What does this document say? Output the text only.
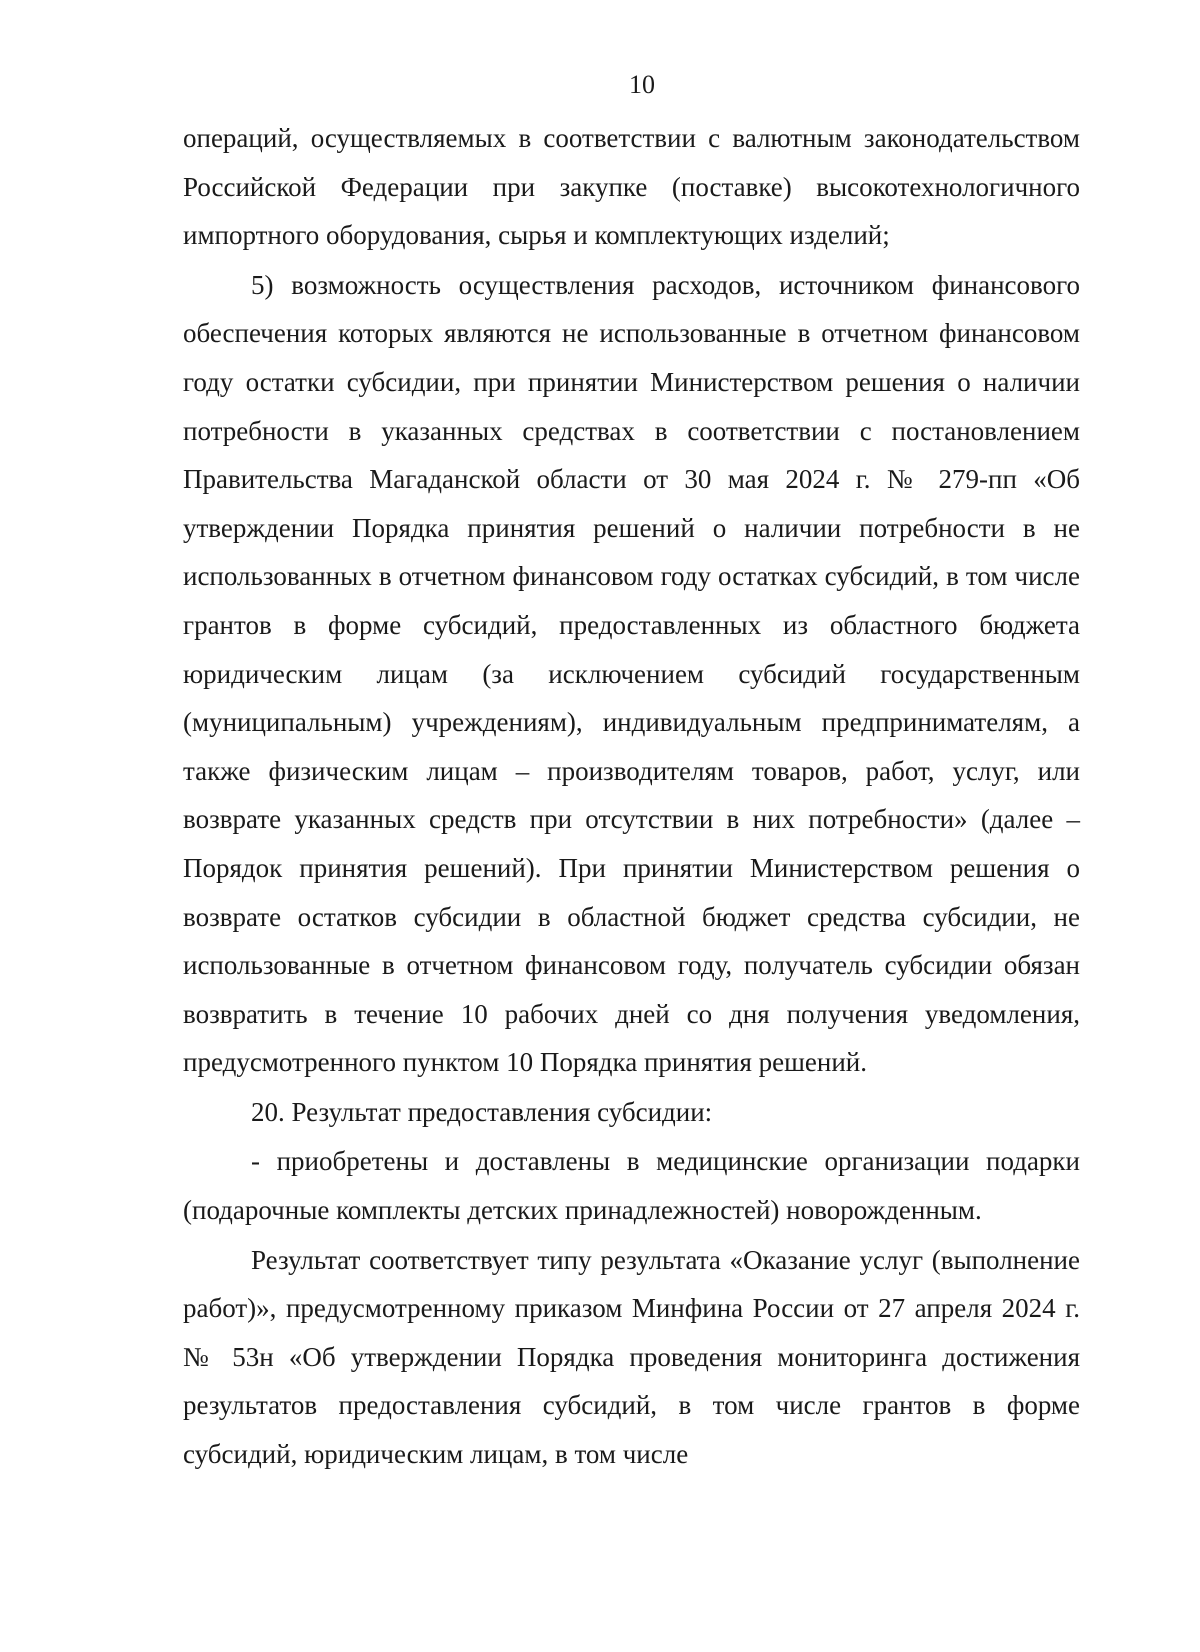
10

операций, осуществляемых в соответствии с валютным законодательством Российской Федерации при закупке (поставке) высокотехнологичного импортного оборудования, сырья и комплектующих изделий;

5) возможность осуществления расходов, источником финансового обеспечения которых являются не использованные в отчетном финансовом году остатки субсидии, при принятии Министерством решения о наличии потребности в указанных средствах в соответствии с постановлением Правительства Магаданской области от 30 мая 2024 г. № 279-пп «Об утверждении Порядка принятия решений о наличии потребности в не использованных в отчетном финансовом году остатках субсидий, в том числе грантов в форме субсидий, предоставленных из областного бюджета юридическим лицам (за исключением субсидий государственным (муниципальным) учреждениям), индивидуальным предпринимателям, а также физическим лицам – производителям товаров, работ, услуг, или возврате указанных средств при отсутствии в них потребности» (далее – Порядок принятия решений). При принятии Министерством решения о возврате остатков субсидии в областной бюджет средства субсидии, не использованные в отчетном финансовом году, получатель субсидии обязан возвратить в течение 10 рабочих дней со дня получения уведомления, предусмотренного пунктом 10 Порядка принятия решений.

20. Результат предоставления субсидии:

- приобретены и доставлены в медицинские организации подарки (подарочные комплекты детских принадлежностей) новорожденным.

Результат соответствует типу результата «Оказание услуг (выполнение работ)», предусмотренному приказом Минфина России от 27 апреля 2024 г. № 53н «Об утверждении Порядка проведения мониторинга достижения результатов предоставления субсидий, в том числе грантов в форме субсидий, юридическим лицам, в том числе
